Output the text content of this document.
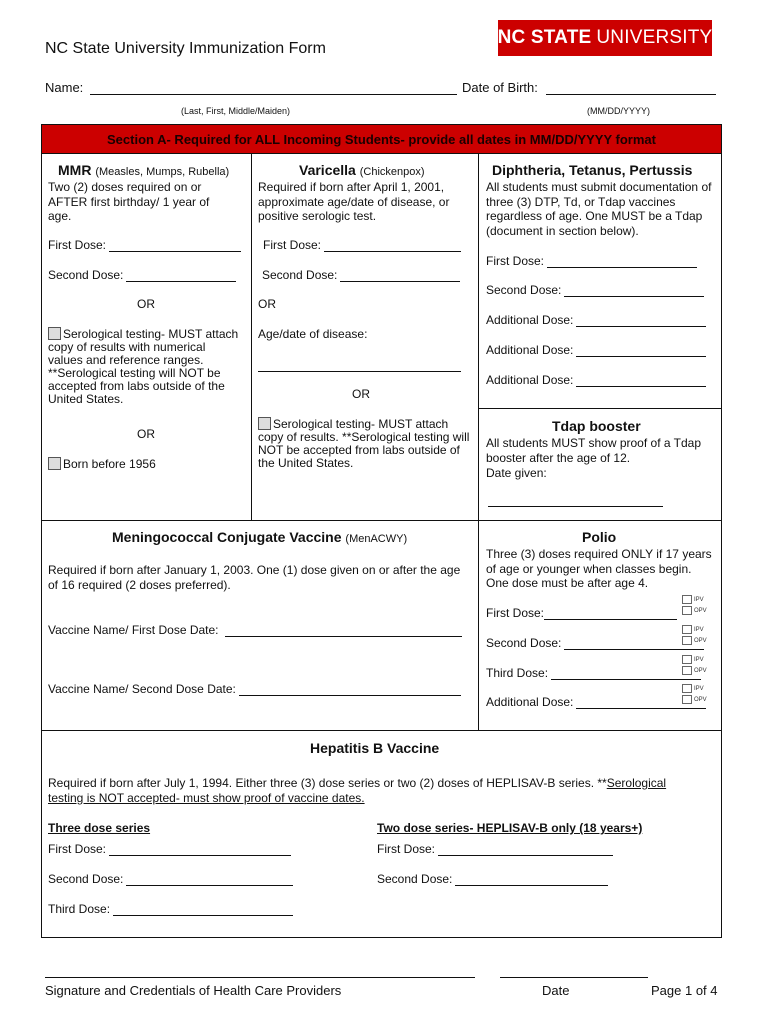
NC State University Immunization Form
NC STATE UNIVERSITY
Name:	Date of Birth:
(Last, First, Middle/Maiden)	(MM/DD/YYYY)
Section A- Required for ALL Incoming Students- provide all dates in MM/DD/YYYY format
MMR (Measles, Mumps, Rubella)
Two (2) doses required on or AFTER first birthday/ 1 year of age.
First Dose:
Second Dose:
OR
Serological testing- MUST attach copy of results with numerical values and reference ranges. **Serological testing will NOT be accepted from labs outside of the United States.
OR
Born before 1956
Varicella (Chickenpox)
Required if born after April 1, 2001, approximate age/date of disease, or positive serologic test.
First Dose:
Second Dose:
OR
Age/date of disease:
OR
Serological testing- MUST attach copy of results. **Serological testing will NOT be accepted from labs outside of the United States.
Diphtheria, Tetanus, Pertussis
All students must submit documentation of three (3) DTP, Td, or Tdap vaccines regardless of age. One MUST be a Tdap (document in section below).
First Dose:
Second Dose:
Additional Dose:
Additional Dose:
Additional Dose:
Tdap booster
All students MUST show proof of a Tdap booster after the age of 12.
Date given:
Meningococcal Conjugate Vaccine (MenACWY)
Required if born after January 1, 2003. One (1) dose given on or after the age of 16 required (2 doses preferred).
Vaccine Name/ First Dose Date:
Vaccine Name/ Second Dose Date:
Polio
Three (3) doses required ONLY if 17 years of age or younger when classes begin. One dose must be after age 4.
First Dose:
IPV
OPV
Second Dose:
IPV
OPV
Third Dose:
IPV
OPV
Additional Dose:
IPV
OPV
Hepatitis B Vaccine
Required if born after July 1, 1994. Either three (3) dose series or two (2) doses of HEPLISAV-B series. **Serological
testing is NOT accepted- must show proof of vaccine dates.
Three dose series	Two dose series- HEPLISAV-B only (18 years+)
First Dose:
Second Dose:
Third Dose:
First Dose:
Second Dose:
Signature and Credentials of Health Care Providers	Date	Page 1 of 4
